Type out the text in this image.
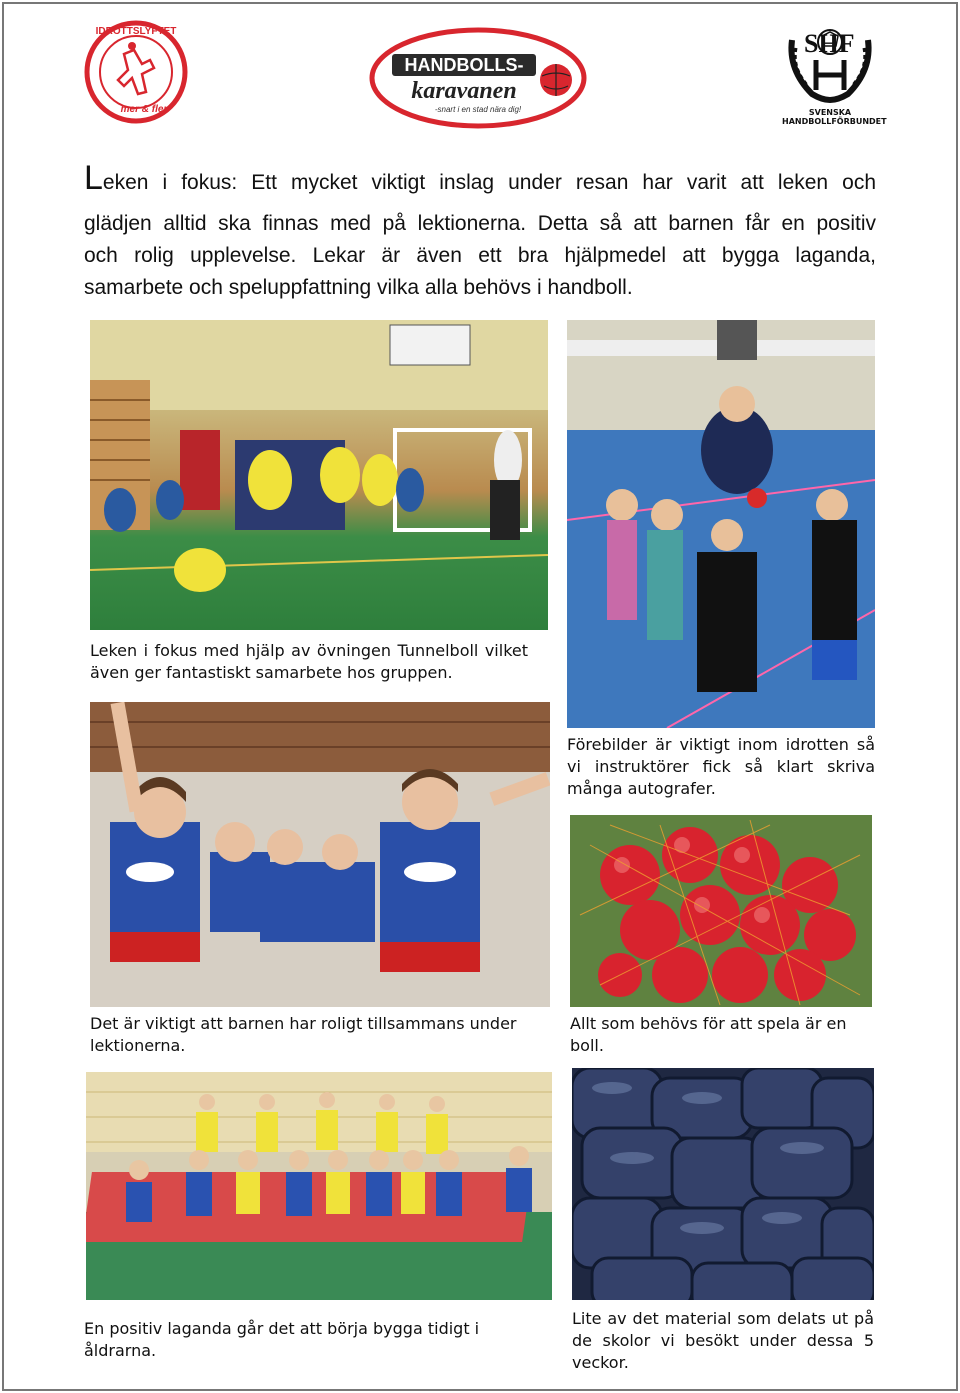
IDROTTSLYFTET
mer & fler
HANDBOLLS-
karavanen
-snart i en stad nära dig!
SHF
SVENSKA
HANDBOLLFÖRBUNDET
Leken i fokus: Ett mycket viktigt inslag under resan har varit att leken och
glädjen alltid ska finnas med på lektionerna. Detta så att barnen får en positiv
och rolig upplevelse. Lekar är även ett bra hjälpmedel att bygga laganda,
samarbete och speluppfattning vilka alla behövs i handboll.
Leken i fokus med hjälp av övningen Tunnelboll vilket
även ger fantastiskt samarbete hos gruppen.
Förebilder är viktigt inom idrotten så
vi instruktörer fick så klart skriva
många autografer.
Det är viktigt att barnen har roligt tillsammans under
lektionerna.
Allt som behövs för att spela är en
boll.
En positiv laganda går det att börja bygga tidigt i åldrarna.
Lite av det material som delats ut på
de skolor vi besökt under dessa 5
veckor.
